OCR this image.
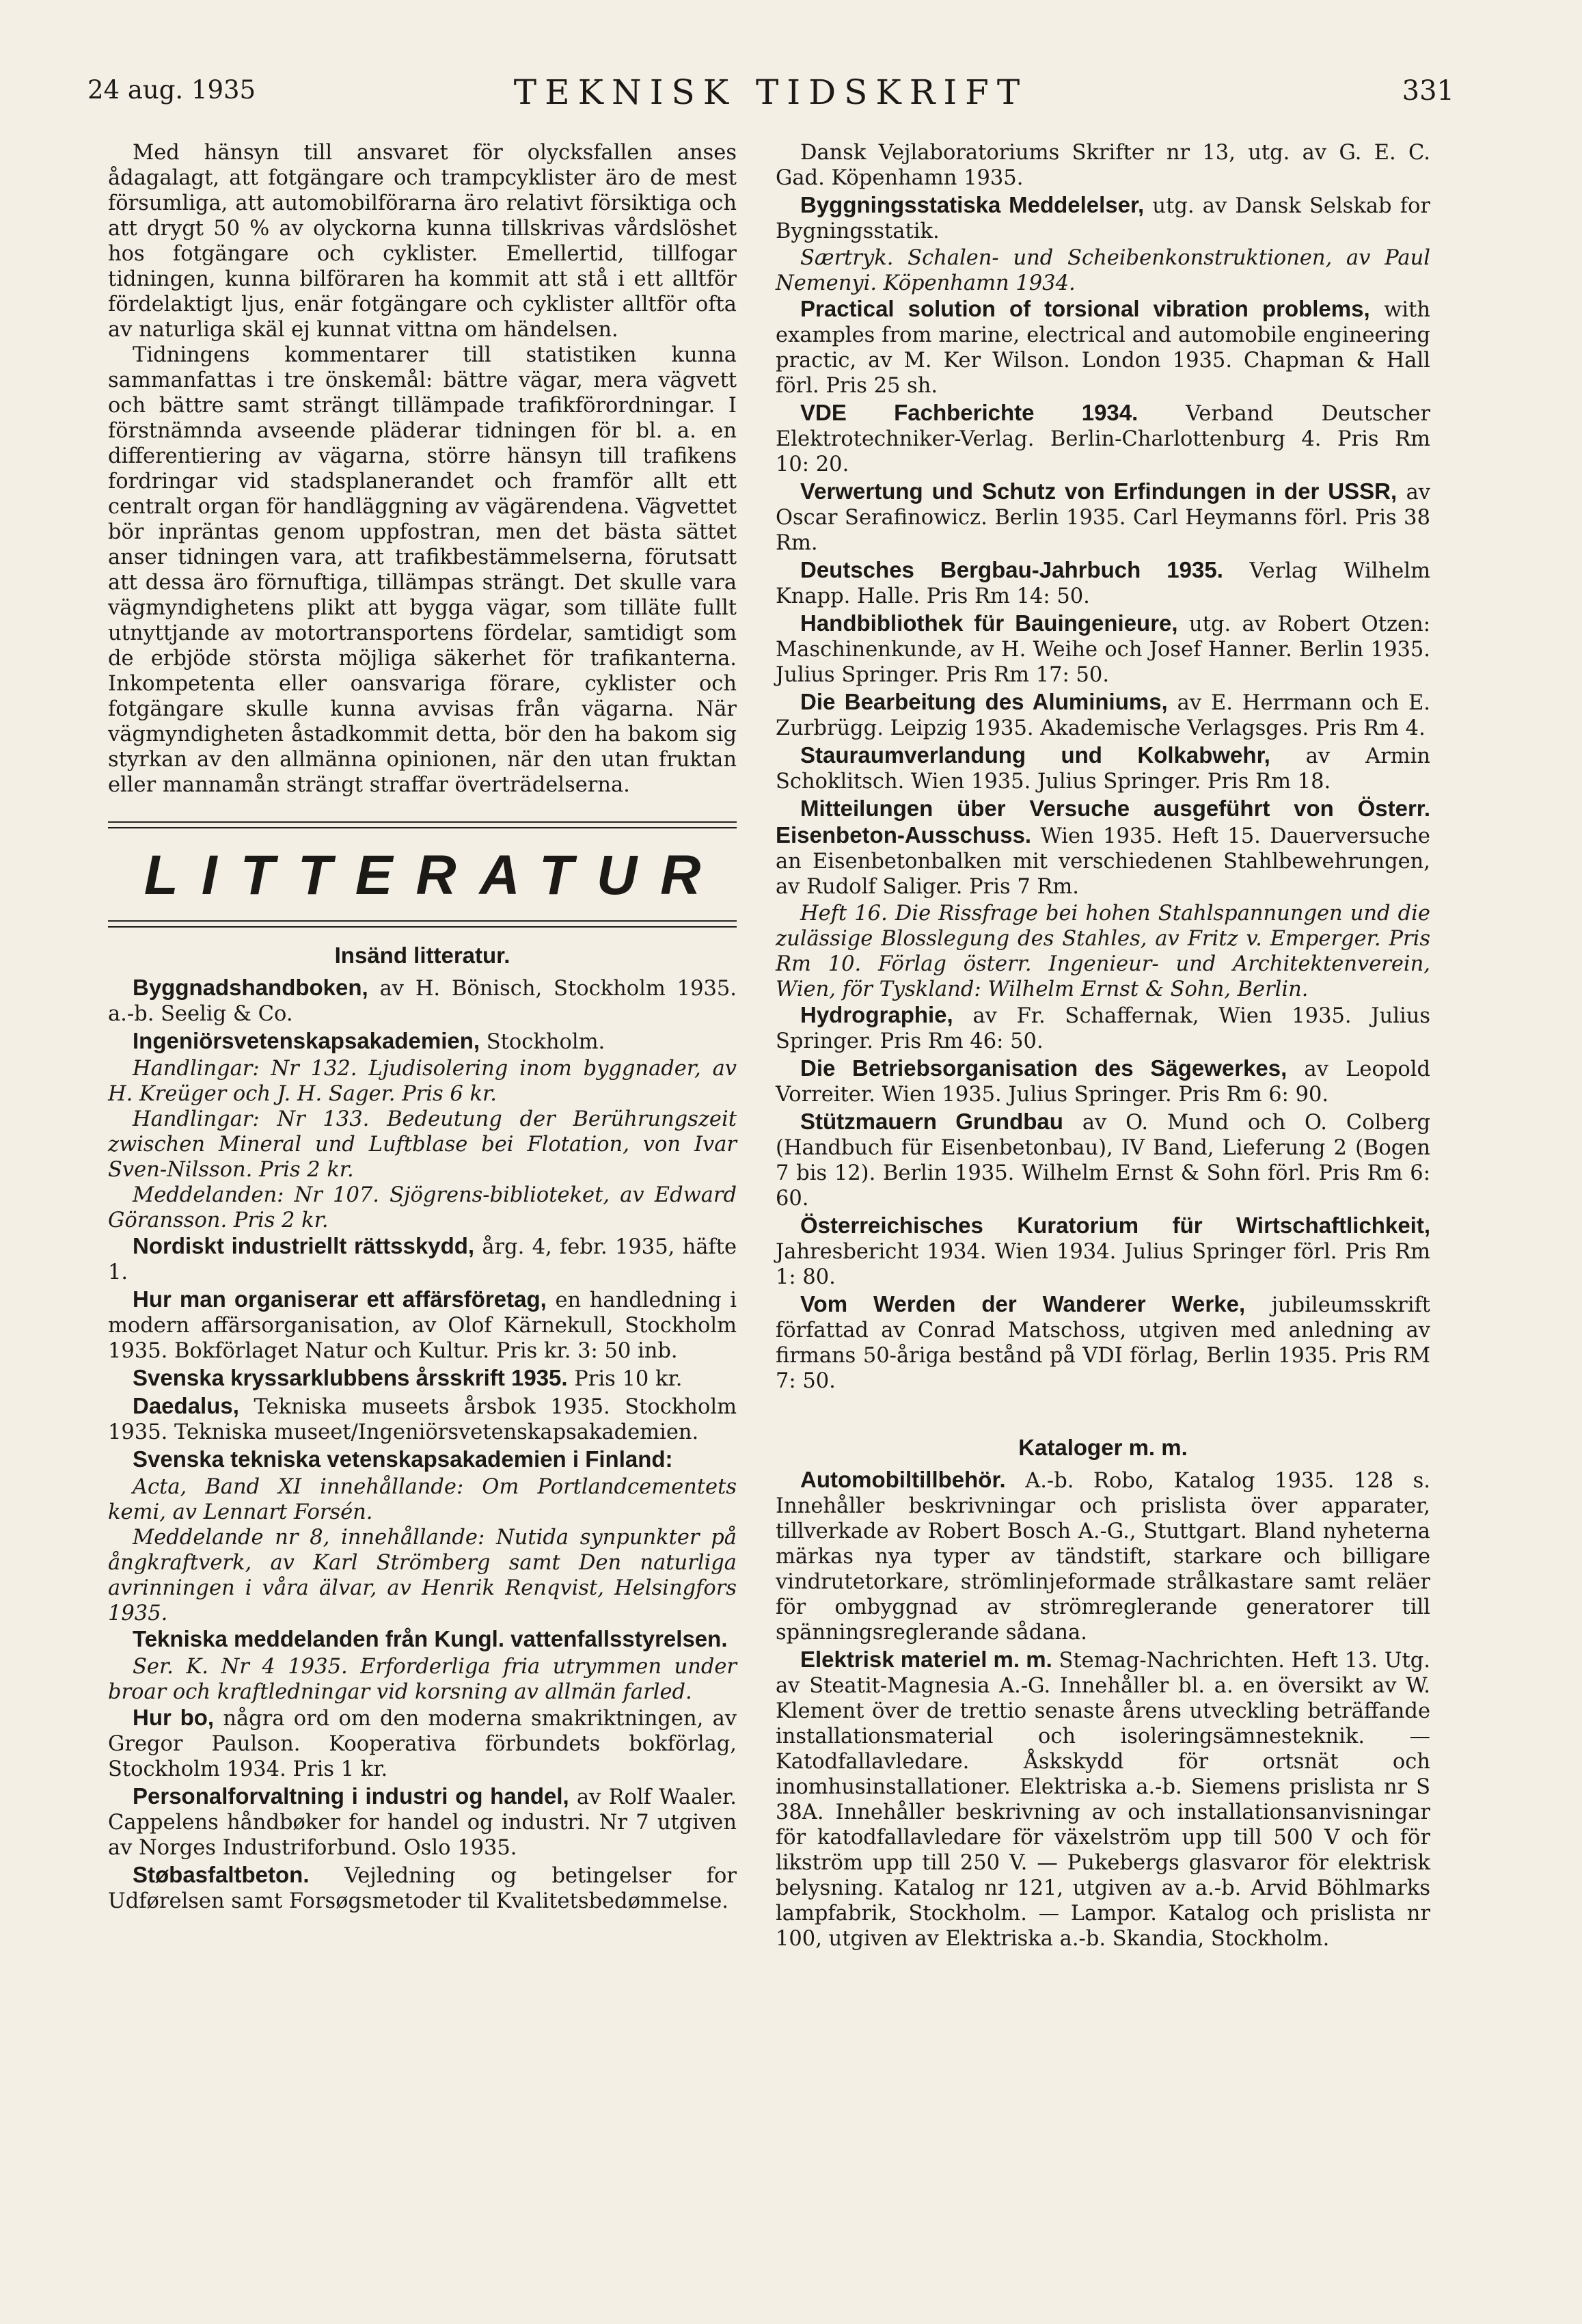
24 aug. 1935	TEKNISK TIDSKRIFT	331

Med hänsyn till ansvaret för olycksfallen anses ådagalagt, att fotgängare och trampcyklister äro de mest försumliga, att automobilförarna äro relativt försiktiga och att drygt 50 % av olyckorna kunna tillskrivas vårdslöshet hos fotgängare och cyklister. Emellertid, tillfogar tidningen, kunna bilföraren ha kommit att stå i ett alltför fördelaktigt ljus, enär fotgängare och cyklister alltför ofta av naturliga skäl ej kunnat vittna om händelsen.

Tidningens kommentarer till statistiken kunna sammanfattas i tre önskemål: bättre vägar, mera vägvett och bättre samt strängt tillämpade trafikförordningar. I förstnämnda avseende pläderar tidningen för bl. a. en differentiering av vägarna, större hänsyn till trafikens fordringar vid stadsplanerandet och framför allt ett centralt organ för handläggning av vägärendena. Vägvettet bör inpräntas genom uppfostran, men det bästa sättet anser tidningen vara, att trafikbestämmelserna, förutsatt att dessa äro förnuftiga, tillämpas strängt. Det skulle vara vägmyndighetens plikt att bygga vägar, som tilläte fullt utnyttjande av motortransportens fördelar, samtidigt som de erbjöde största möjliga säkerhet för trafikanterna. Inkompetenta eller oansvariga förare, cyklister och fotgängare skulle kunna avvisas från vägarna. När vägmyndigheten åstadkommit detta, bör den ha bakom sig styrkan av den allmänna opinionen, när den utan fruktan eller mannamån strängt straffar överträdelserna.

LITTERATUR
Insänd litteratur.

Byggnadshandboken, av H. Bönisch, Stockholm 1935. a.-b. Seelig & Co.

Ingeniörsvetenskapsakademien, Stockholm.

Handlingar: Nr 132. Ljudisolering inom byggnader, av H. Kreüger och J. H. Sager. Pris 6 kr.

Handlingar: Nr 133. Bedeutung der Berührungszeit zwischen Mineral und Luftblase bei Flotation, von Ivar Sven-Nilsson. Pris 2 kr.

Meddelanden: Nr 107. Sjögrens-bibliotekеt, av Edward Göransson. Pris 2 kr.

Nordiskt industriellt rättsskydd, årg. 4, febr. 1935, häfte 1.

Hur man organiserar ett affärsföretag, en handledning i modern affärsorganisation, av Olof Kärnekull, Stockholm 1935. Bokförlaget Natur och Kultur. Pris kr. 3: 50 inb.

Svenska kryssarklubbens årsskrift 1935. Pris 10 kr.

Daedalus, Tekniska museets årsbok 1935. Stockholm 1935. Tekniska museet/Ingeniörsvetenskapsakademien.

Svenska tekniska vetenskapsakademien i Finland:

Acta, Band XI innehållande: Om Portlandcementets kemi, av Lennart Forsén.

Meddelande nr 8, innehållande: Nutida synpunkter på ångkraftverk, av Karl Strömberg samt Den naturliga avrinningen i våra älvar, av Henrik Renqvist, Helsingfors 1935.

Tekniska meddelanden från Kungl. vattenfallsstyrelsen.

Ser. K. Nr 4 1935. Erforderliga fria utrymmen under broar och kraftledningar vid korsning av allmän farled.

Hur bo, några ord om den moderna smakriktningen, av Gregor Paulson. Kooperativa förbundets bokförlag, Stockholm 1934. Pris 1 kr.

Personalforvaltning i industri og handel, av Rolf Waaler. Cappelens håndbøker for handel og industri. Nr 7 utgiven av Norges Industriforbund. Oslo 1935.

Støbasfaltbeton. Vejledning og betingelser for Udførelsen samt Forsøgsmetoder til Kvalitetsbedømmelse.

Dansk Vejlaboratoriums Skrifter nr 13, utg. av G. E. C. Gad. Köpenhamn 1935.

Byggningsstatiska Meddelelser, utg. av Dansk Selskab for Bygningsstatik.

Særtryk. Schalen- und Scheibenkonstruktionen, av Paul Nemenyi. Köpenhamn 1934.

Practical solution of torsional vibration problems, with examples from marine, electrical and automobile engineering practic, av M. Ker Wilson. London 1935. Chapman & Hall förl. Pris 25 sh.

VDE Fachberichte 1934. Verband Deutscher Elektrotechniker-Verlag. Berlin-Charlottenburg 4. Pris Rm 10: 20.

Verwertung und Schutz von Erfindungen in der USSR, av Oscar Serafinowicz. Berlin 1935. Carl Heymanns förl. Pris 38 Rm.

Deutsches Bergbau-Jahrbuch 1935. Verlag Wilhelm Knapp. Halle. Pris Rm 14: 50.

Handbibliothek für Bauingenieure, utg. av Robert Otzen: Maschinenkunde, av H. Weihe och Josef Hanner. Berlin 1935. Julius Springer. Pris Rm 17: 50.

Die Bearbeitung des Aluminiums, av E. Herrmann och E. Zurbrügg. Leipzig 1935. Akademische Verlagsges. Pris Rm 4.

Stauraumverlandung und Kolkabwehr, av Armin Schoklitsch. Wien 1935. Julius Springer. Pris Rm 18.

Mitteilungen über Versuche ausgeführt von Österr. Eisenbeton-Ausschuss. Wien 1935. Heft 15. Dauerversuche an Eisenbetonbalken mit verschiedenen Stahlbewehrungen, av Rudolf Saliger. Pris 7 Rm.

Heft 16. Die Rissfrage bei hohen Stahlspannungen und die zulässige Blosslegung des Stahles, av Fritz v. Emperger. Pris Rm 10. Förlag österr. Ingenieur- und Architektenverein, Wien, för Tyskland: Wilhelm Ernst & Sohn, Berlin.

Hydrographie, av Fr. Schaffernak, Wien 1935. Julius Springer. Pris Rm 46: 50.

Die Betriebsorganisation des Sägewerkes, av Leopold Vorreiter. Wien 1935. Julius Springer. Pris Rm 6: 90.

Stützmauern Grundbau av O. Mund och O. Colberg (Handbuch für Eisenbetonbau), IV Band, Lieferung 2 (Bogen 7 bis 12). Berlin 1935. Wilhelm Ernst & Sohn förl. Pris Rm 6: 60.

Österreichisches Kuratorium für Wirtschaftlichkeit, Jahresbericht 1934. Wien 1934. Julius Springer förl. Pris Rm 1: 80.

Vom Werden der Wanderer Werke, jubileumsskrift författad av Conrad Matschoss, utgiven med anledning av firmans 50-åriga bestånd på VDI förlag, Berlin 1935. Pris RM 7: 50.

Kataloger m. m.

Automobiltillbehör. A.-b. Robo, Katalog 1935. 128 s. Innehåller beskrivningar och prislista över apparater, tillverkade av Robert Bosch A.-G., Stuttgart. Bland nyheterna märkas nya typer av tändstift, starkare och billigare vindrutetorkare, strömlinjeformade strålkastare samt reläer för ombyggnad av strömreglerande generatorer till spänningsreglerande sådana.

Elektrisk materiel m. m. Stemag-Nachrichten. Heft 13. Utg. av Steatit-Magnesia A.-G. Innehåller bl. a. en översikt av W. Klement över de trettio senaste årens utveckling beträffande installationsmaterial och isoleringsämnesteknik. — Katodfallavledare. Åskskydd för ortsnät och inomhusinstallationer. Elektriska a.-b. Siemens prislista nr S 38A. Innehåller beskrivning av och installationsanvisningar för katodfallavledare för växelström upp till 500 V och för likström upp till 250 V. — Pukebergs glasvaror för elektrisk belysning. Katalog nr 121, utgiven av a.-b. Arvid Böhlmarks lampfabrik, Stockholm. — Lampor. Katalog och prislista nr 100, utgiven av Elektriska a.-b. Skandia, Stockholm.
